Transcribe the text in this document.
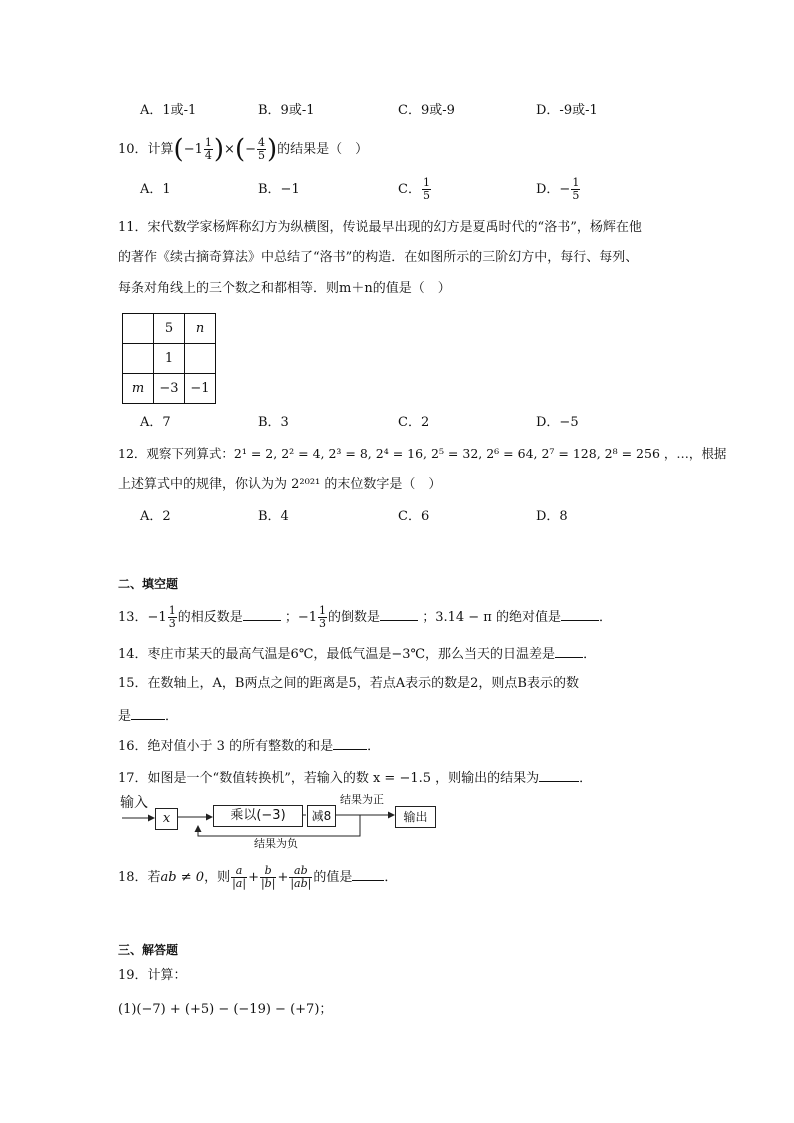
A．1或-1	B．9或-1	C．9或-9	D．-9或-1
10．计算($-1 \frac{1}{4}$ )×(− $\frac{4}{5}$ )的结果是（　）
A．1	B．−1	C． $\frac{1}{5}$	D．− $\frac{1}{5}$
11．宋代数学家杨辉称幻方为纵横图，传说最早出现的幻方是夏禹时代的“洛书”，杨辉在他
的著作《续古摘奇算法》中总结了“洛书”的构造．在如图所示的三阶幻方中，每行、每列、
每条对角线上的三个数之和都相等．则m＋n的值是（　）
	5	n
	1	
m	−3	−1
A．7	B．3	C．2	D．−5
12．观察下列算式：2¹ = 2, 2² = 4, 2³ = 8, 2⁴ = 16, 2⁵ = 32, 2⁶ = 64, 2⁷ = 128, 2⁸ = 256 ，…，根据
上述算式中的规律，你认为为 2²⁰²¹ 的末位数字是（　）
A．2	B．4	C．6	D．8
二、填空题
13．$-1 \frac{1}{3}$ 的相反数是	；$-1 \frac{1}{3}$ 的倒数是	；3.14 − π 的绝对值是	．
14．枣庄市某天的最高气温是6℃，最低气温是−3℃，那么当天的日温差是 ．
15．在数轴上，A，B两点之间的距离是5，若点A表示的数是2，则点B表示的数
是	．
16．绝对值小于 3 的所有整数的和是	．
17．如图是一个“数值转换机”，若输入的数 x = −1.5 ，则输出的结果为	．
输入
x	乘以(−3)	减8	输出
结果为正
结果为负
18．若ab ≠ 0，则 $\frac{a}{|a|} + \frac{b}{|b|} + \frac{ab}{|ab|}$ 的值是 ．
三、解答题
19．计算：
(1)(−7) + (+5) − (−19) − (+7)；
